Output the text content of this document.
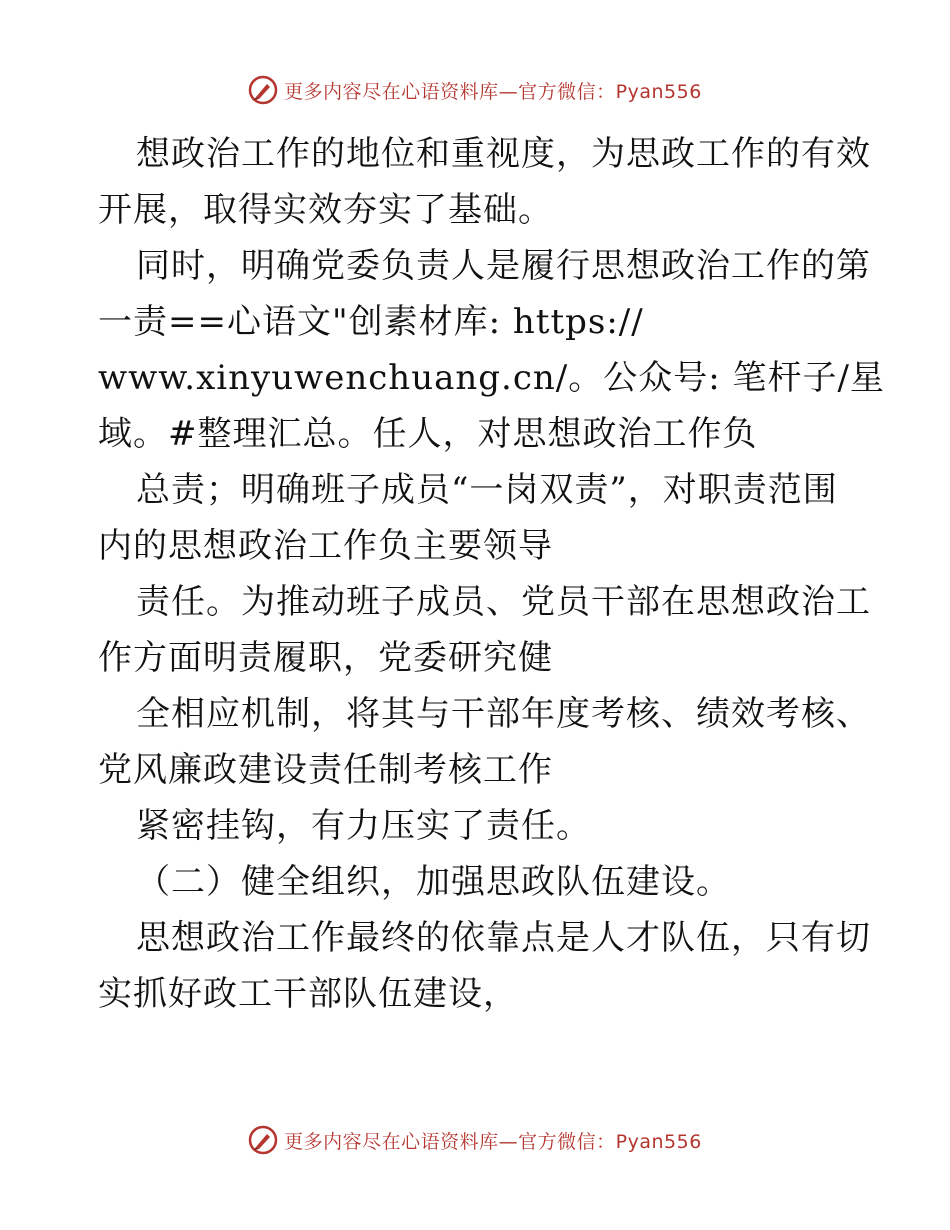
更多内容尽在心语资料库—官方微信：Pyan556
想政治工作的地位和重视度，为思政工作的有效
开展，取得实效夯实了基础。
同时，明确党委负责人是履行思想政治工作的第
一责==心语文"创素材库: https://
www.xinyuwenchuang.cn/。公众号: 笔杆子/星
域。#整理汇总。任人，对思想政治工作负
总责；明确班子成员“一岗双责”，对职责范围
内的思想政治工作负主要领导
责任。为推动班子成员、党员干部在思想政治工
作方面明责履职，党委研究健
全相应机制，将其与干部年度考核、绩效考核、
党风廉政建设责任制考核工作
紧密挂钩，有力压实了责任。
（二）健全组织，加强思政队伍建设。
思想政治工作最终的依靠点是人才队伍，只有切
实抓好政工干部队伍建设，
更多内容尽在心语资料库—官方微信：Pyan556
